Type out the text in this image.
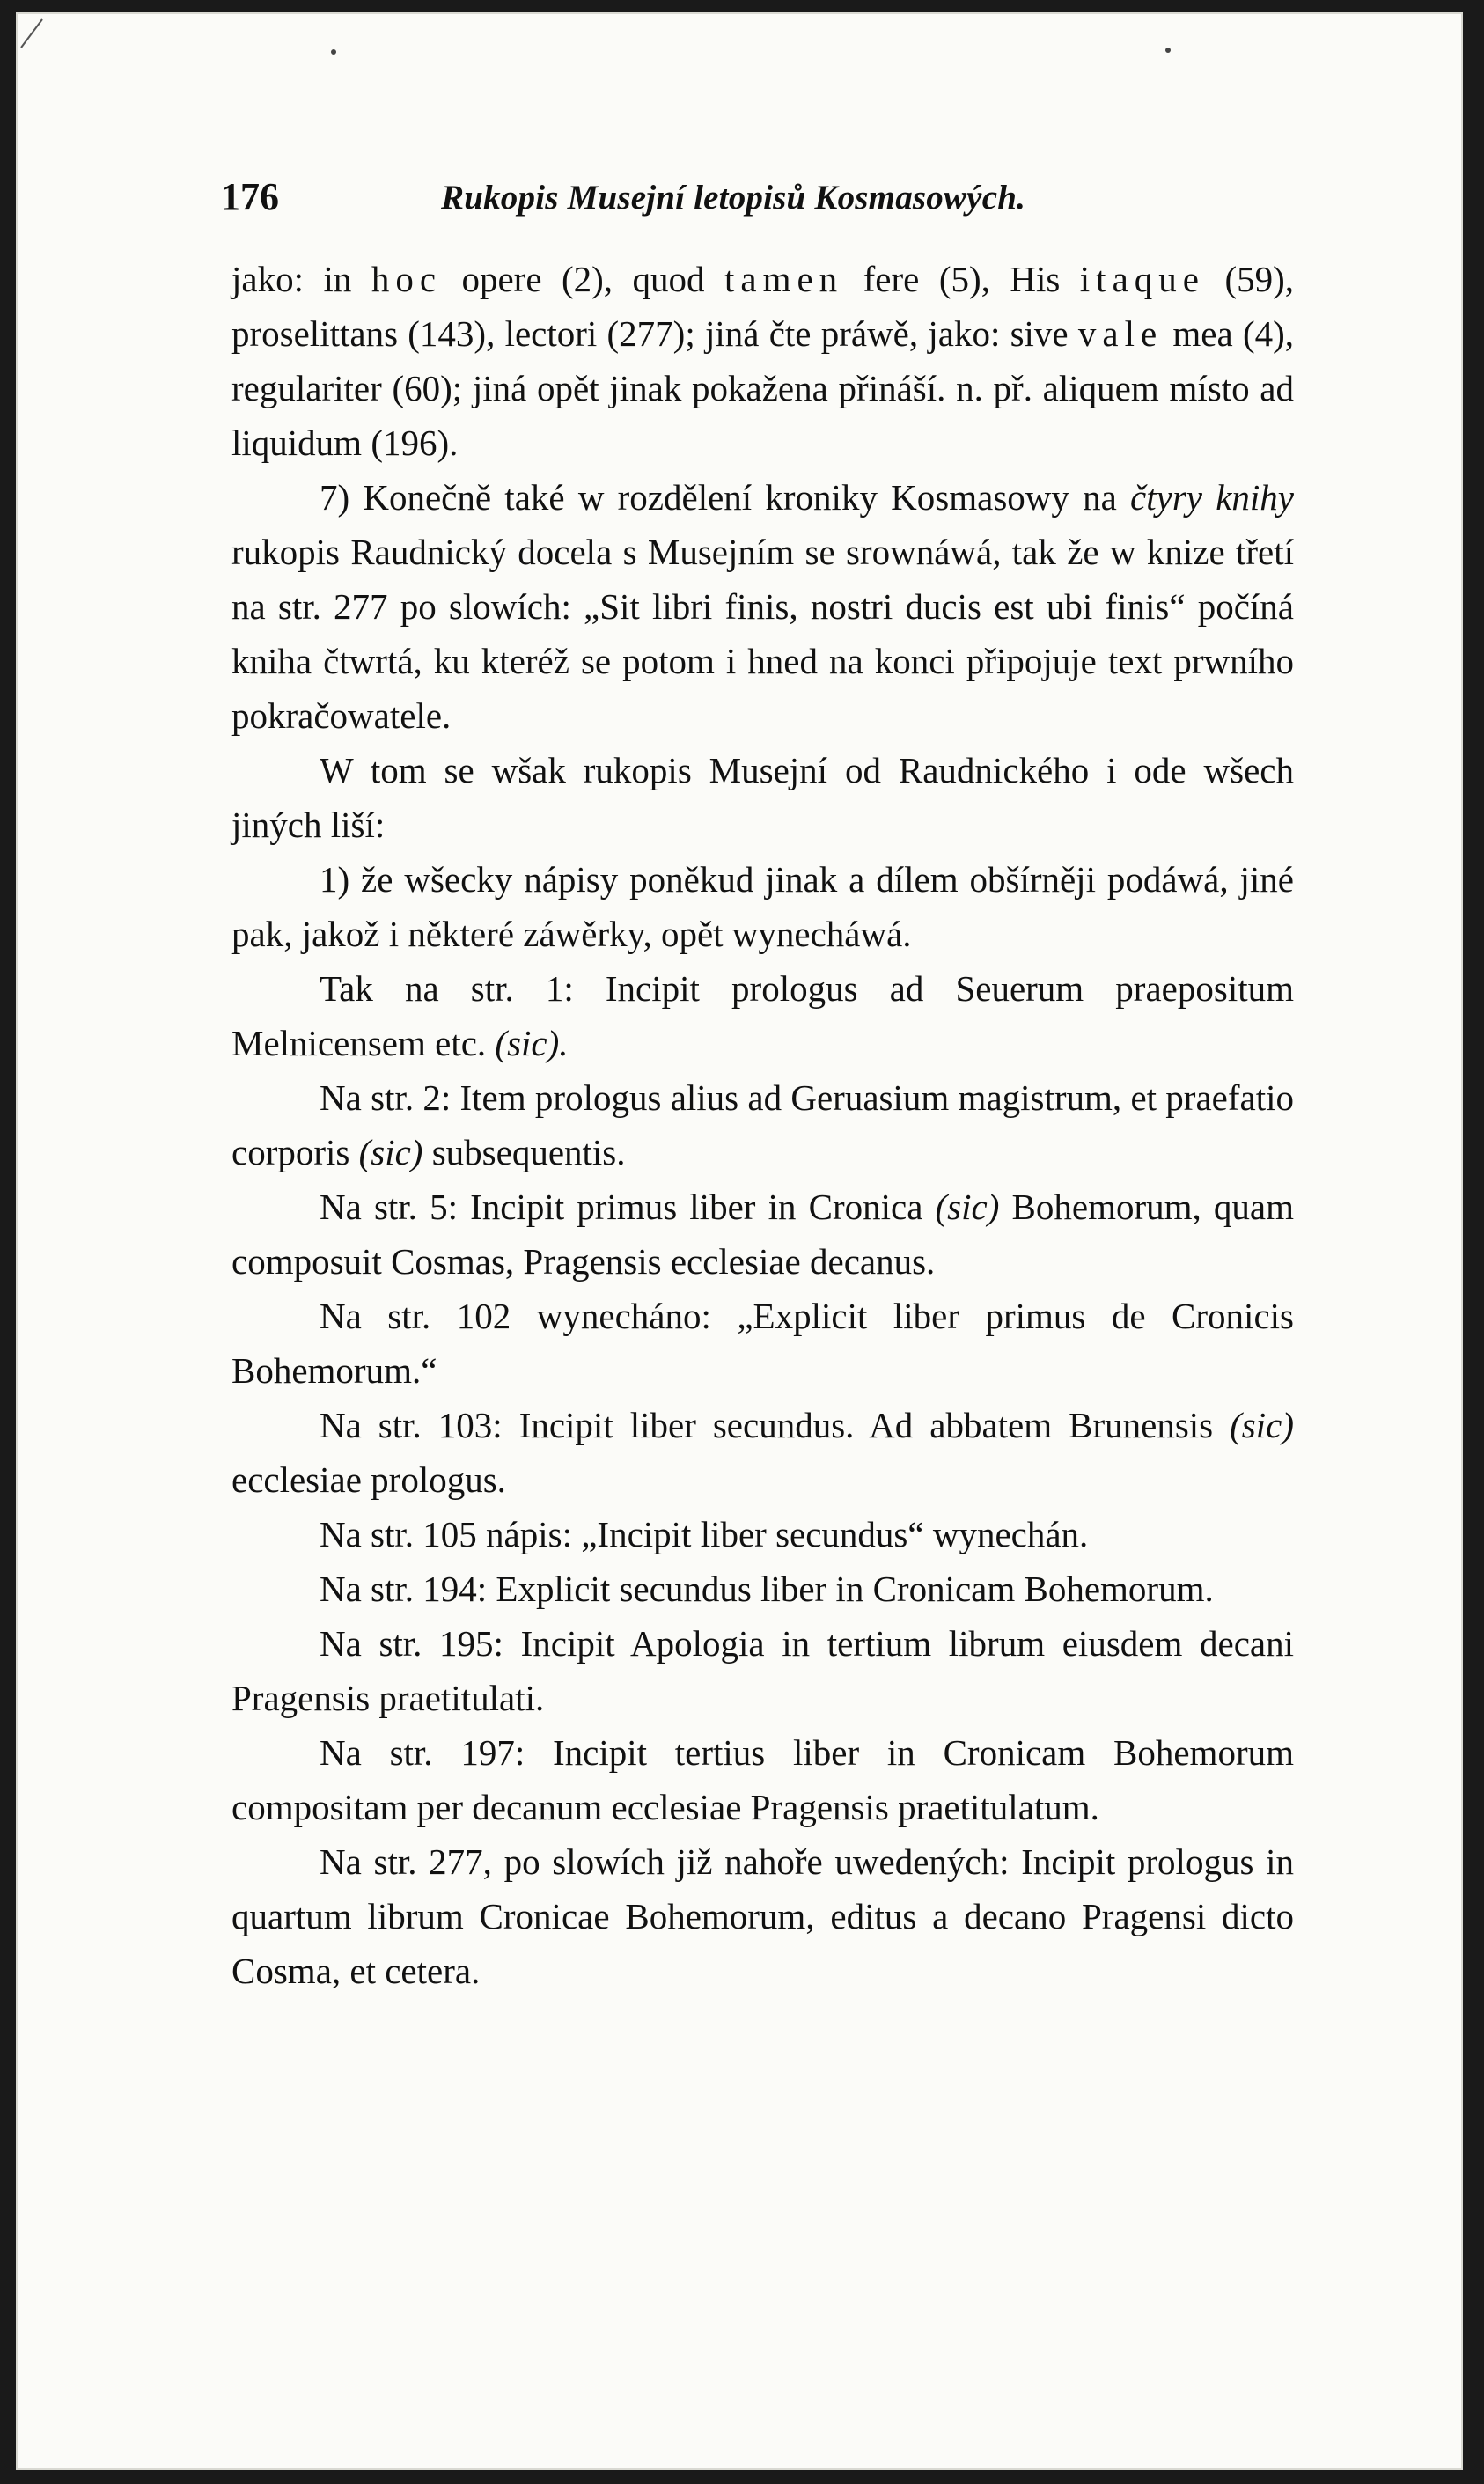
176	Rukopis Musejní letopisů Kosmasowých.

jako: in hoc opere (2), quod tamen fere (5), His itaque (59), proselittans (143), lectori (277); jiná čte práwě, jako: sive vale mea (4), regulariter (60); jiná opět jinak pokažena přináší. n. př. aliquem místo ad liquidum (196).

7) Konečně také w rozdělení kroniky Kosmasowy na čtyry knihy rukopis Raudnický docela s Musejním se srownáwá, tak že w knize třetí na str. 277 po slowích: „Sit libri finis, nostri ducis est ubi finis“ počíná kniha čtwrtá, ku kteréž se potom i hned na konci připojuje text prwního pokračowatele.

W tom se wšak rukopis Musejní od Raudnického i ode wšech jiných liší:

1) že wšecky nápisy poněkud jinak a dílem obšírněji podáwá, jiné pak, jakož i některé záwěrky, opět wynecháwá.

Tak na str. 1: Incipit prologus ad Seuerum praepositum Melnicensem etc. (sic).

Na str. 2: Item prologus alius ad Geruasium magistrum, et praefatio corporis (sic) subsequentis.

Na str. 5: Incipit primus liber in Cronica (sic) Bohemorum, quam composuit Cosmas, Pragensis ecclesiae decanus.

Na str. 102 wynecháno: „Explicit liber primus de Cronicis Bohemorum.“

Na str. 103: Incipit liber secundus. Ad abbatem Brunensis (sic) ecclesiae prologus.

Na str. 105 nápis: „Incipit liber secundus“ wynechán.

Na str. 194: Explicit secundus liber in Cronicam Bohemorum.

Na str. 195: Incipit Apologia in tertium librum eiusdem decani Pragensis praetitulati.

Na str. 197: Incipit tertius liber in Cronicam Bohemorum compositam per decanum ecclesiae Pragensis praetitulatum.

Na str. 277, po slowích již nahoře uwedených: Incipit prologus in quartum librum Cronicae Bohemorum, editus a decano Pragensi dicto Cosma, et cetera.
